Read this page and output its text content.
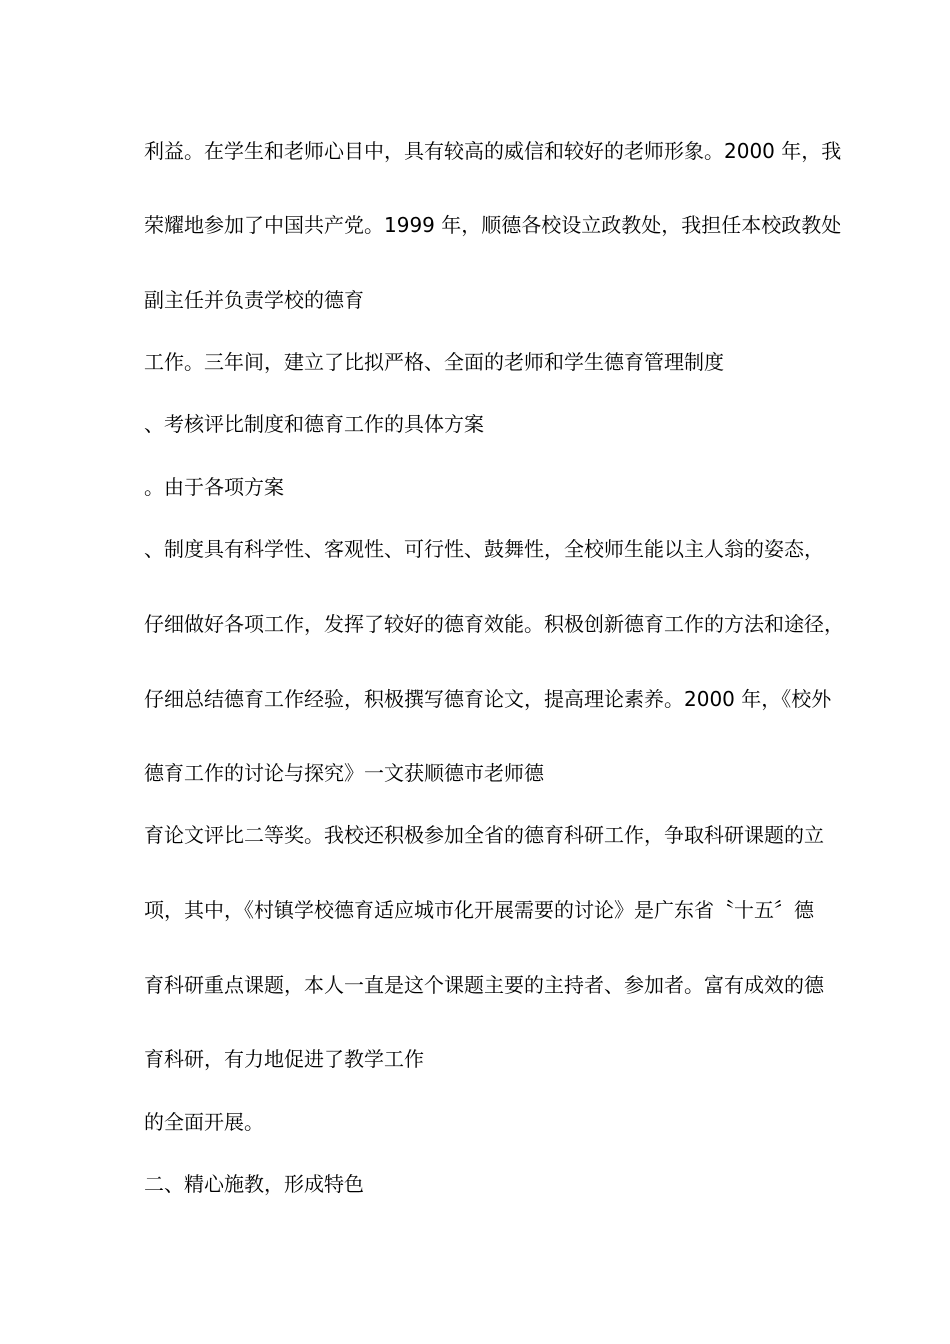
利益。在学生和老师心目中，具有较高的威信和较好的老师形象。2000 年，我
荣耀地参加了中国共产党。1999 年，顺德各校设立政教处，我担任本校政教处
副主任并负责学校的德育
工作。三年间，建立了比拟严格、全面的老师和学生德育管理制度
、考核评比制度和德育工作的具体方案
。由于各项方案
、制度具有科学性、客观性、可行性、鼓舞性，全校师生能以主人翁的姿态，
仔细做好各项工作，发挥了较好的德育效能。积极创新德育工作的方法和途径，
仔细总结德育工作经验，积极撰写德育论文，提高理论素养。2000 年，《校外
德育工作的讨论与探究》一文获顺德市老师德
育论文评比二等奖。我校还积极参加全省的德育科研工作，争取科研课题的立
项，其中，《村镇学校德育适应城市化开展需要的讨论》是广东省〝十五〞德
育科研重点课题，本人一直是这个课题主要的主持者、参加者。富有成效的德
育科研，有力地促进了教学工作
的全面开展。
二、精心施教，形成特色
